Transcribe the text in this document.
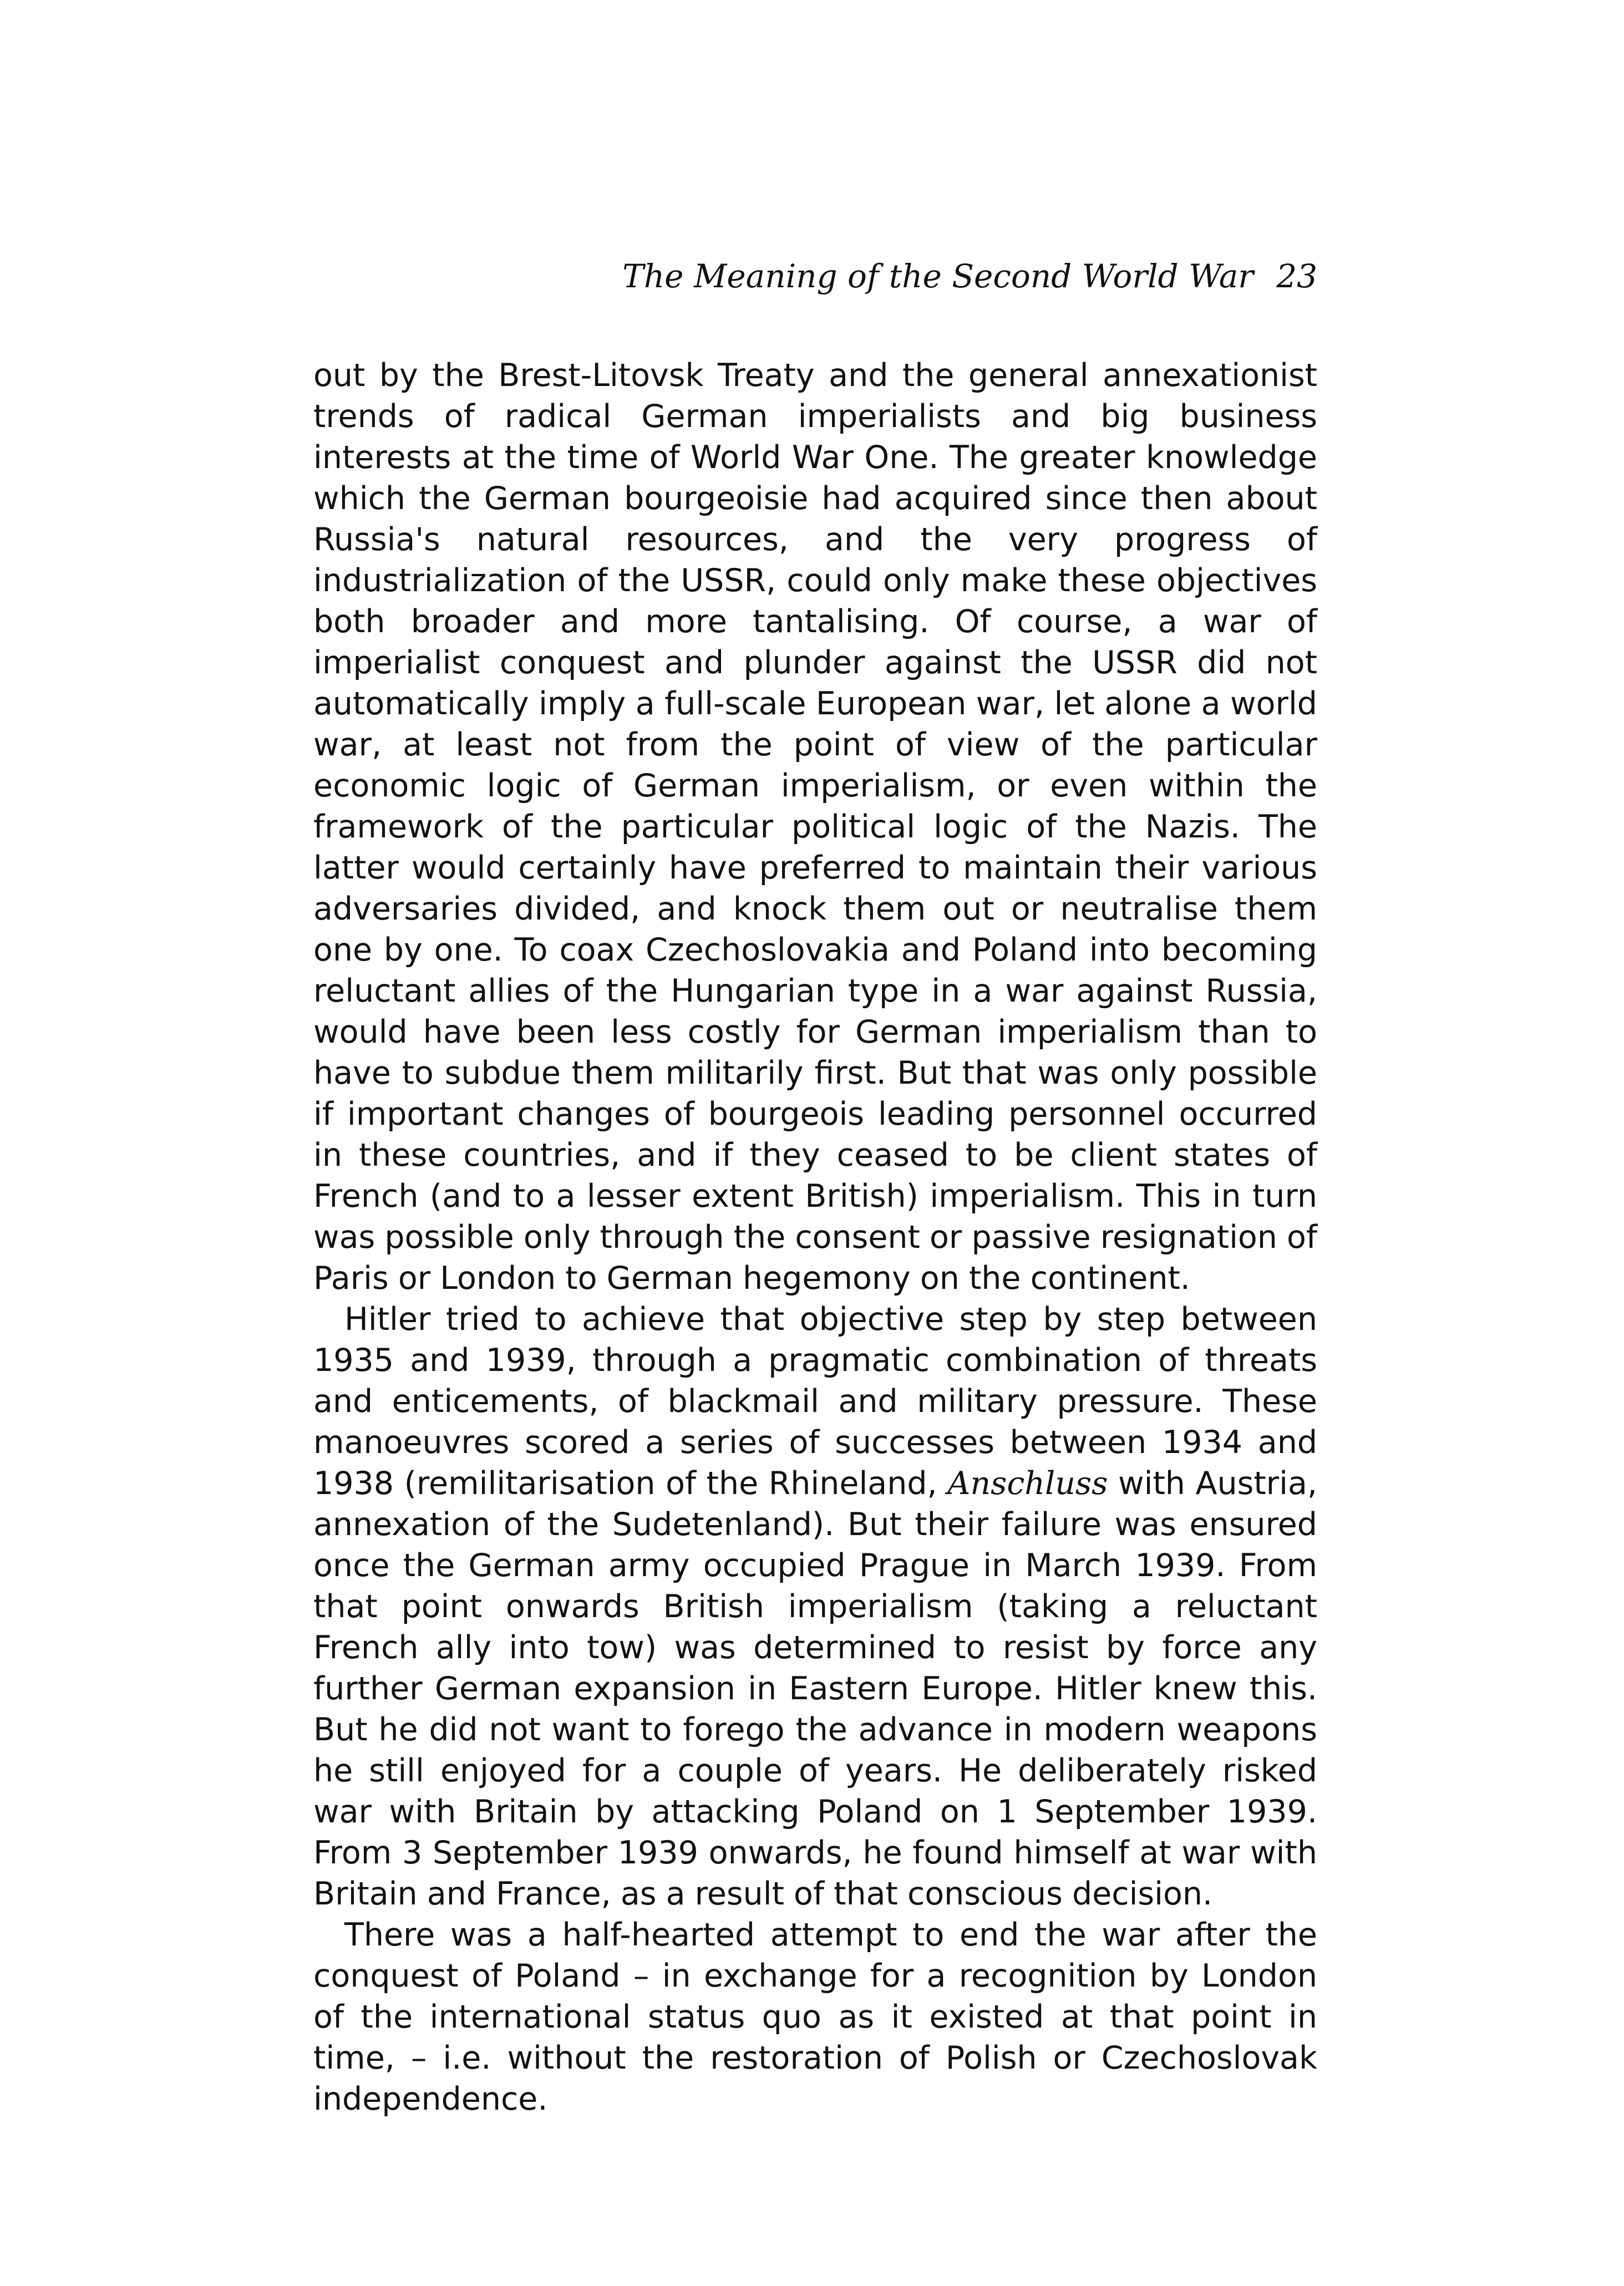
The Meaning of the Second World War 23

out by the Brest-Litovsk Treaty and the general annexationist trends of radical German imperialists and big business interests at the time of World War One. The greater knowledge which the German bourgeoisie had acquired since then about Russia's natural resources, and the very progress of industrialization of the USSR, could only make these objectives both broader and more tantalising. Of course, a war of imperialist conquest and plunder against the USSR did not automatically imply a full-scale European war, let alone a world war, at least not from the point of view of the particular economic logic of German imperialism, or even within the framework of the particular political logic of the Nazis. The latter would certainly have preferred to maintain their various adversaries divided, and knock them out or neutralise them one by one. To coax Czechoslovakia and Poland into becoming reluctant allies of the Hungarian type in a war against Russia, would have been less costly for German imperialism than to have to subdue them militarily first. But that was only possible if important changes of bourgeois leading personnel occurred in these countries, and if they ceased to be client states of French (and to a lesser extent British) imperialism. This in turn was possible only through the consent or passive resignation of Paris or London to German hegemony on the continent.

Hitler tried to achieve that objective step by step between 1935 and 1939, through a pragmatic combination of threats and enticements, of blackmail and military pressure. These manoeuvres scored a series of successes between 1934 and 1938 (remilitarisation of the Rhineland, Anschluss with Austria, annexation of the Sudetenland). But their failure was ensured once the German army occupied Prague in March 1939. From that point onwards British imperialism (taking a reluctant French ally into tow) was determined to resist by force any further German expansion in Eastern Europe. Hitler knew this. But he did not want to forego the advance in modern weapons he still enjoyed for a couple of years. He deliberately risked war with Britain by attacking Poland on 1 September 1939. From 3 September 1939 onwards, he found himself at war with Britain and France, as a result of that conscious decision.

There was a half-hearted attempt to end the war after the conquest of Poland – in exchange for a recognition by London of the international status quo as it existed at that point in time, – i.e. without the restoration of Polish or Czechoslovak independence.
